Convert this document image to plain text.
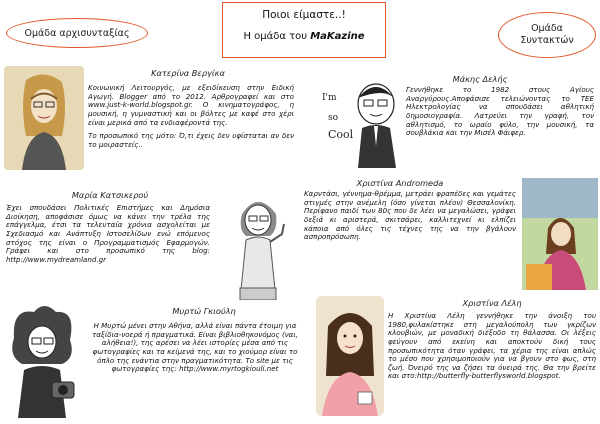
Ομάδα αρχισυνταξίας
Ποιοι είμαστε..!
Η ομάδα του MaKazine
Ομάδα
Συντακτών
Κατερίνα Βεργίκα

Κοινωνική Λειτουργός, με εξειδίκευση στην Ειδική Αγωγή. Blogger από το 2012. Αρθρογραφεί και στο www.just-k-world.blogspot.gr. Ο κινηματογράφος, η μουσική, η γυμναστική και οι βόλτες με καφέ στο χέρι είναι μερικά από τα ενδιαφέροντά της.

Το προσωπικό της μότο: Ό,τι έχεις δεν υφίστατaι αν δεν το μοιραστείς..

Μάκης Δελής
I'm
so
Cool

Γεννήθηκε το 1982 στους Αγίους Αναργύρους.Αποφάσισε τελειώνοντας το ΤΕΕ Ηλεκτρολογίας να σπουδάσει αθλητική δημοσιογραφία. Λατρεύει την γραφή, τον αθλητισμό, το ωραίο φύλο, την μουσική, τα σουβλάκια και την Μισέλ Φάιφερ.

Χριστίνα Andromeda

Καρντάσι, γέννημα-θρέμμα, μετράει φραπέδες και γεμάτες στιγμές στην ανέμελη (όσο γίνεται πλέον) Θεσσαλονίκη. Περίφανο παιδί των 80ς που δε λέει να μεγαλώσει, γράφει δεξιά κι αριστερά, σκιτσάρει, καλλιτεχνεί κι ελπίζει κάποια από όλες τις τέχνες της να την βγάλουν ασπροπρόσωπη.

Μαρία Κατσικερού

Έχει σπουδάσει Πολιτικές Επιστήμες και Δημόσια Διοίκηση, αποφάσισε όμως να κάνει την τρέλα της επάγγελμα, έτσι τα τελευταία χρόνια ασχολείται με Σχεδιασμό και Ανάπτυξη Ιστοσελίδων ενώ επόμενος στόχος της είναι ο Προγραμματισμός Εφαρμογών. Γράφει και στο προσωπικό της blog: http://www.mydreamland.gr

Χριστίνα Λέλη

Η Χριστίνα Λέλη γεννήθηκε την άνοιξη του 1980,φυλακίστηκε στη μεγαλούπολη των γκρίζων κλουβιών, με μοναδική διέξοδο τη θάλασσα. Οι λέξεις φεύγουν από εκείνη και αποκτούν δική τους προσωπικότητα όταν γράφει, τα χέρια της είναι απλώς το μέσο που χρησιμοποιούν για να βγουν στο φως, στη ζωή. Όνειρό της να ζήσει τα όνειρά της. Θα την βρείτε και στο:http://butterfly-butterflysworld.blogspot.

Μυρτώ Γκιούλη

Η Μυρτώ μένει στην Αθήνα, αλλά είναι πάντα έτοιμη για ταξίδια-νοερά ή πραγματικά. Είναι βιβλιοθηκονόμος (ναι, αλήθεια!), της αρέσει να λέει ιστορίες μέσα από τις φωτογραφίες και τα κείμενά της, και το χιούμορ είναι το όπλο της ενάντια στην πραγματικότητα. Το site με τις φωτογραφίες της: http://www.myrtogkiouli.net
